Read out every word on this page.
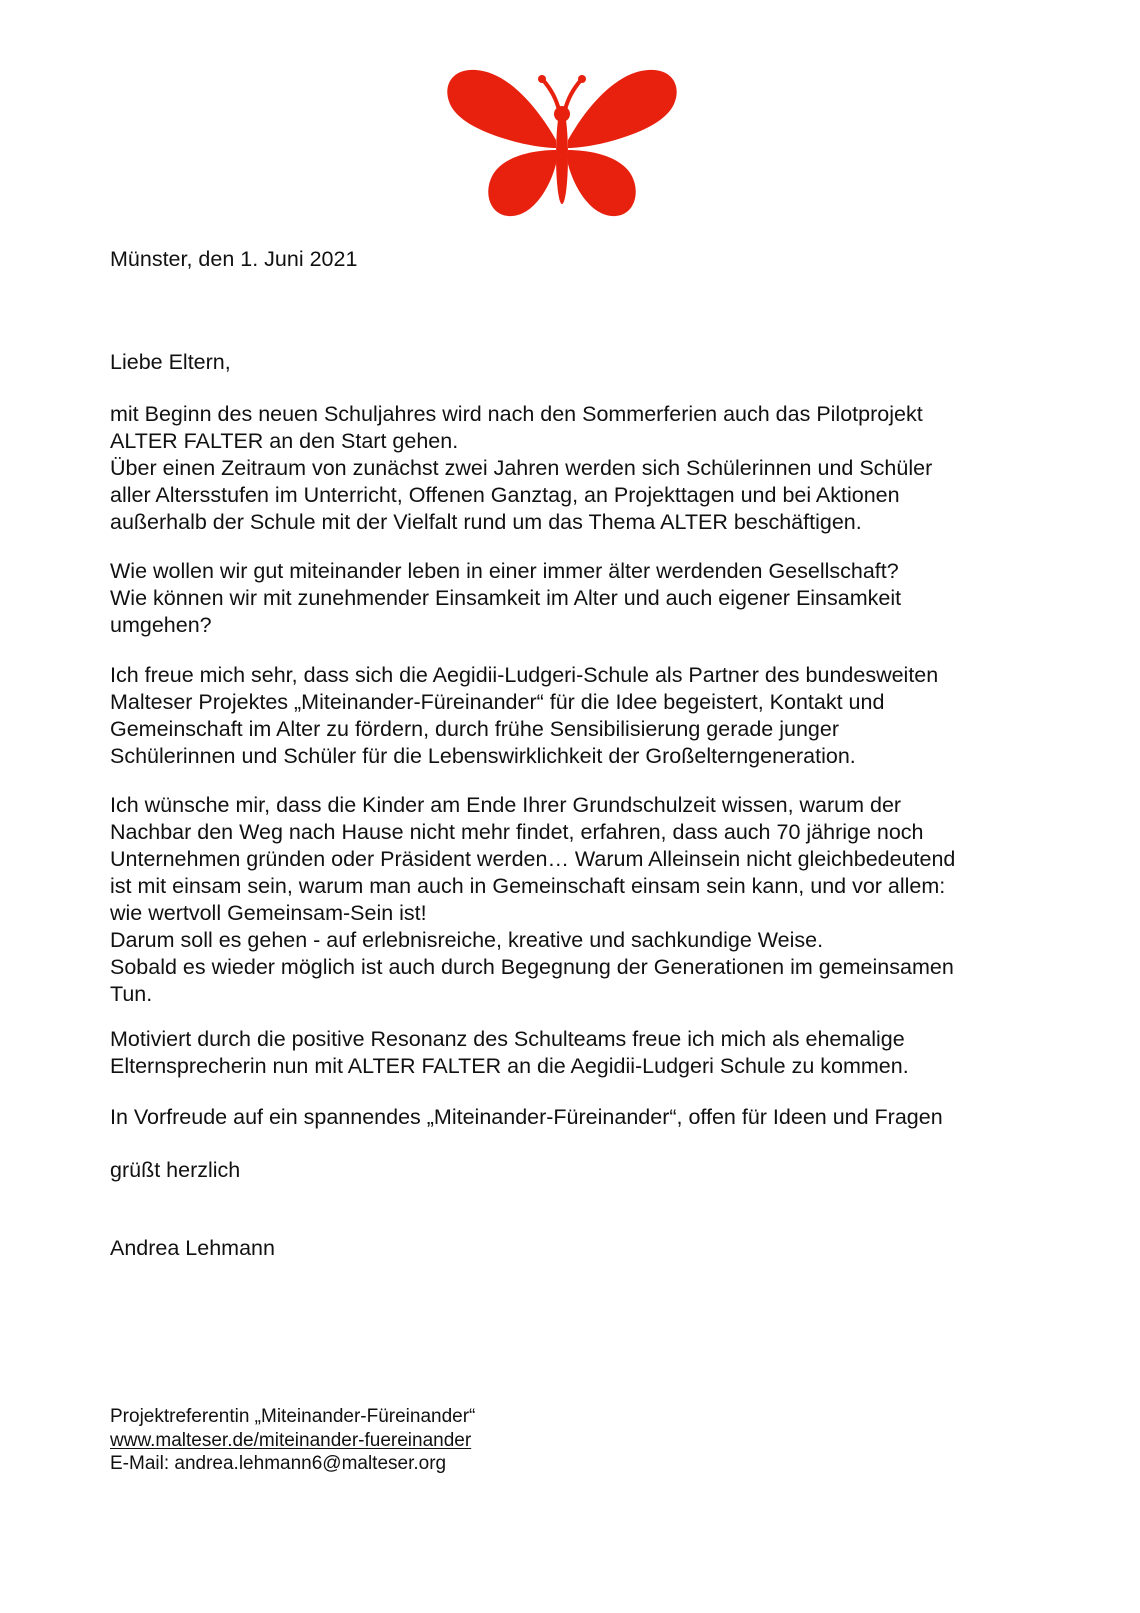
Münster, den 1. Juni 2021
Liebe Eltern,

mit Beginn des neuen Schuljahres wird nach den Sommerferien auch das Pilotprojekt

ALTER FALTER an den Start gehen.

Über einen Zeitraum von zunächst zwei Jahren werden sich Schülerinnen und Schüler

aller Altersstufen im Unterricht, Offenen Ganztag, an Projekttagen und bei Aktionen

außerhalb der Schule mit der Vielfalt rund um das Thema ALTER beschäftigen.

Wie wollen wir gut miteinander leben in einer immer älter werdenden Gesellschaft?

Wie können wir mit zunehmender Einsamkeit im Alter und auch eigener Einsamkeit

umgehen?

Ich freue mich sehr, dass sich die Aegidii-Ludgeri-Schule als Partner des bundesweiten

Malteser Projektes „Miteinander-Füreinander“ für die Idee begeistert, Kontakt und

Gemeinschaft im Alter zu fördern, durch frühe Sensibilisierung gerade junger

Schülerinnen und Schüler für die Lebenswirklichkeit der Großelterngeneration.

Ich wünsche mir, dass die Kinder am Ende Ihrer Grundschulzeit wissen, warum der

Nachbar den Weg nach Hause nicht mehr findet, erfahren, dass auch 70 jährige noch

Unternehmen gründen oder Präsident werden… Warum Alleinsein nicht gleichbedeutend

ist mit einsam sein, warum man auch in Gemeinschaft einsam sein kann, und vor allem:

wie wertvoll Gemeinsam-Sein ist!

Darum soll es gehen - auf erlebnisreiche, kreative und sachkundige Weise.

Sobald es wieder möglich ist auch durch Begegnung der Generationen im gemeinsamen

Tun.

Motiviert durch die positive Resonanz des Schulteams freue ich mich als ehemalige

Elternsprecherin nun mit ALTER FALTER an die Aegidii-Ludgeri Schule zu kommen.

In Vorfreude auf ein spannendes „Miteinander-Füreinander“, offen für Ideen und Fragen

grüßt herzlich
Andrea Lehmann
Projektreferentin „Miteinander-Füreinander“
www.malteser.de/miteinander-fuereinander
E-Mail: andrea.lehmann6@malteser.org
